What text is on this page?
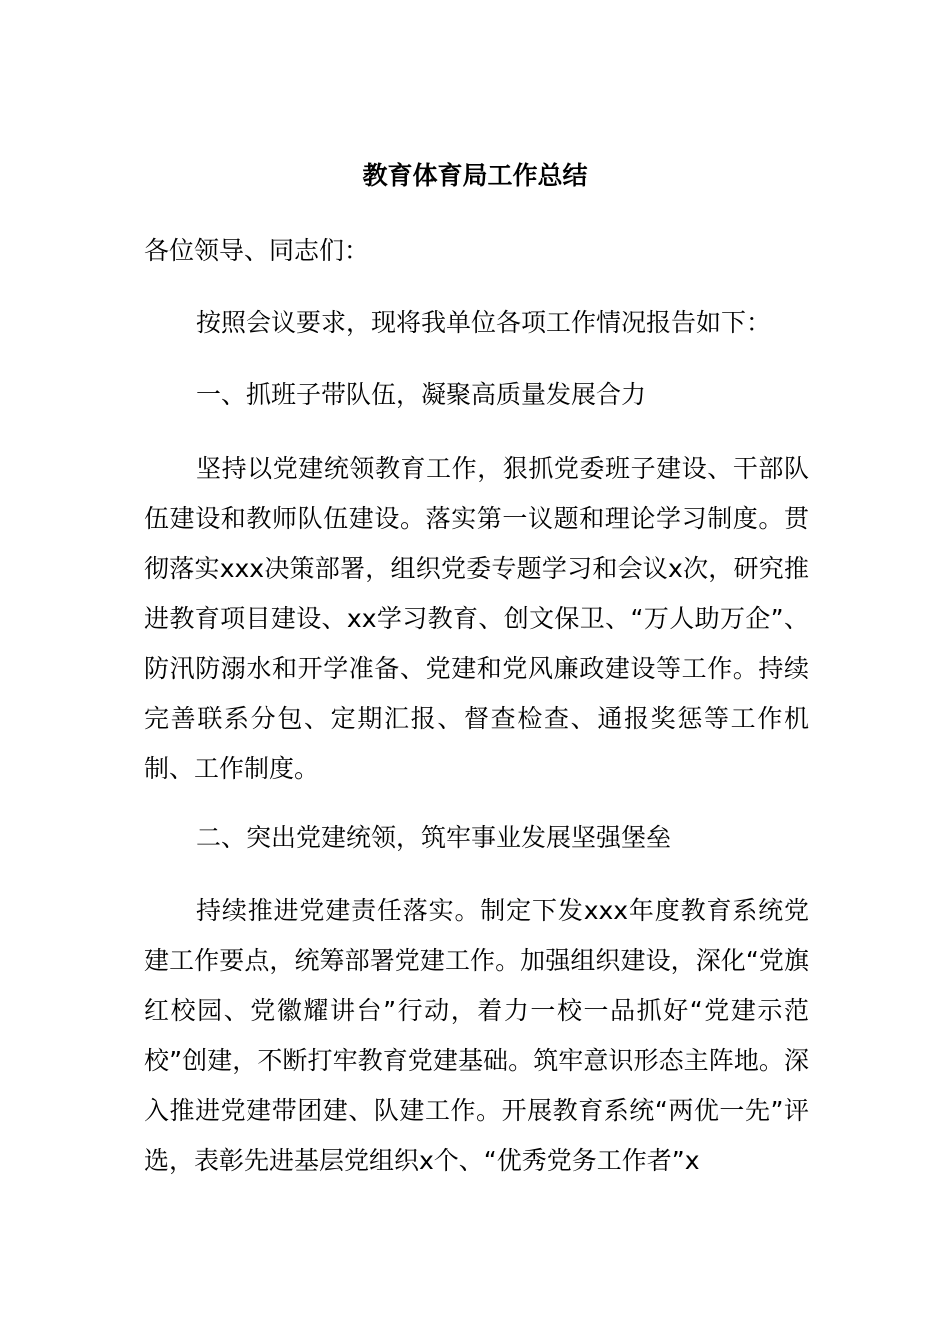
教育体育局工作总结
各位领导、同志们：
按照会议要求，现将我单位各项工作情况报告如下：
一、抓班子带队伍，凝聚高质量发展合力
坚持以党建统领教育工作，狠抓党委班子建设、干部队伍建设和教师队伍建设。落实第一议题和理论学习制度。贯彻落实xxx决策部署，组织党委专题学习和会议x次，研究推进教育项目建设、xx学习教育、创文保卫、“万人助万企”、防汛防溺水和开学准备、党建和党风廉政建设等工作。持续完善联系分包、定期汇报、督查检查、通报奖惩等工作机制、工作制度。
二、突出党建统领，筑牢事业发展坚强堡垒
持续推进党建责任落实。制定下发xxx年度教育系统党建工作要点，统筹部署党建工作。加强组织建设，深化“党旗红校园、党徽耀讲台”行动，着力一校一品抓好“党建示范校”创建，不断打牢教育党建基础。筑牢意识形态主阵地。深入推进党建带团建、队建工作。开展教育系统“两优一先”评选，表彰先进基层党组织x个、“优秀党务工作者”x
